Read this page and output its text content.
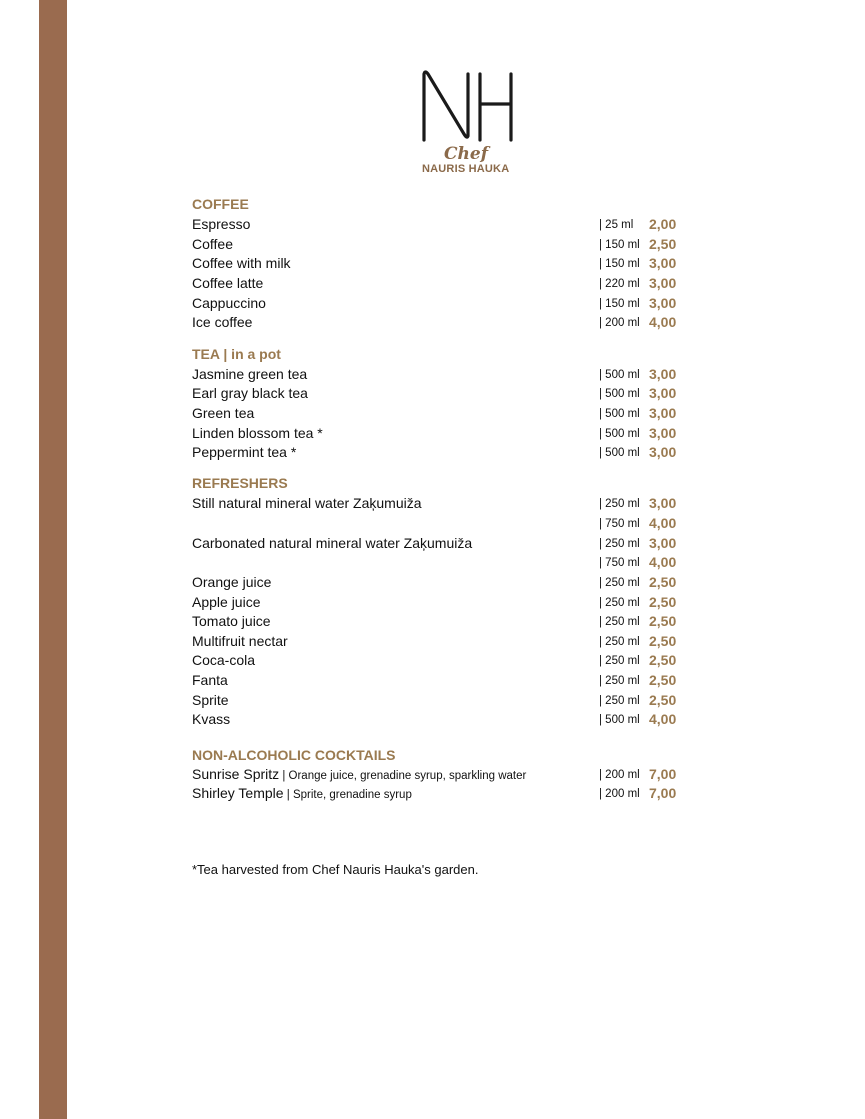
Chef
NAURIS HAUKA
COFFEE
Espresso	| 25 ml 2,00
Coffee	| 150 ml 2,50
Coffee with milk	| 150 ml 3,00
Coffee latte	| 220 ml 3,00
Cappuccino	| 150 ml 3,00
Ice coffee	| 200 ml 4,00
TEA | in a pot
Jasmine green tea	| 500 ml 3,00
Earl gray black tea	| 500 ml 3,00
Green tea	| 500 ml 3,00
Linden blossom tea *	| 500 ml 3,00
Peppermint tea *	| 500 ml 3,00
REFRESHERS
Still natural mineral water Zaķumuiža	| 250 ml 3,00
| 750 ml 4,00
Carbonated natural mineral water Zaķumuiža	| 250 ml 3,00
| 750 ml 4,00
Orange juice	| 250 ml 2,50
Apple juice	| 250 ml 2,50
Tomato juice	| 250 ml 2,50
Multifruit nectar	| 250 ml 2,50
Coca-cola	| 250 ml 2,50
Fanta	| 250 ml 2,50
Sprite	| 250 ml 2,50
Kvass	| 500 ml 4,00
NON-ALCOHOLIC COCKTAILS
Sunrise Spritz | Orange juice, grenadine syrup, sparkling water	| 200 ml 7,00
Shirley Temple | Sprite, grenadine syrup	| 200 ml 7,00
*Tea harvested from Chef Nauris Hauka's garden.
